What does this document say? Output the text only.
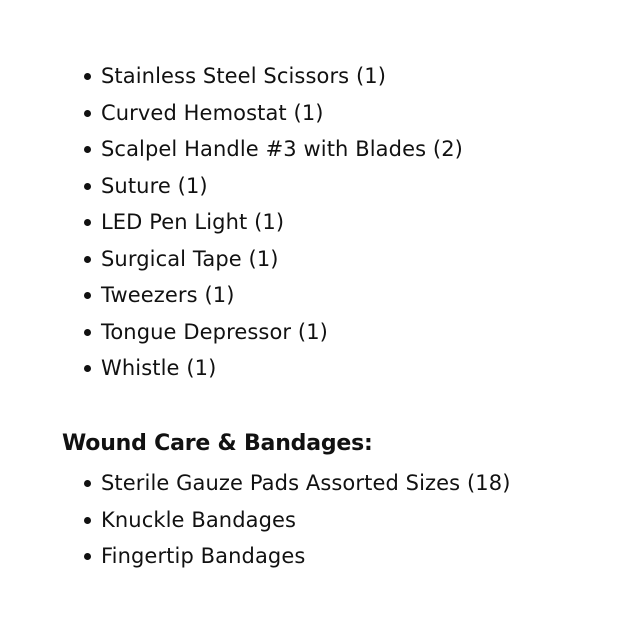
Stainless Steel Scissors (1)
Curved Hemostat (1)
Scalpel Handle #3 with Blades (2)
Suture (1)
LED Pen Light (1)
Surgical Tape (1)
Tweezers (1)
Tongue Depressor (1)
Whistle (1)
Wound Care & Bandages:
Sterile Gauze Pads Assorted Sizes (18)
Knuckle Bandages
Fingertip Bandages
